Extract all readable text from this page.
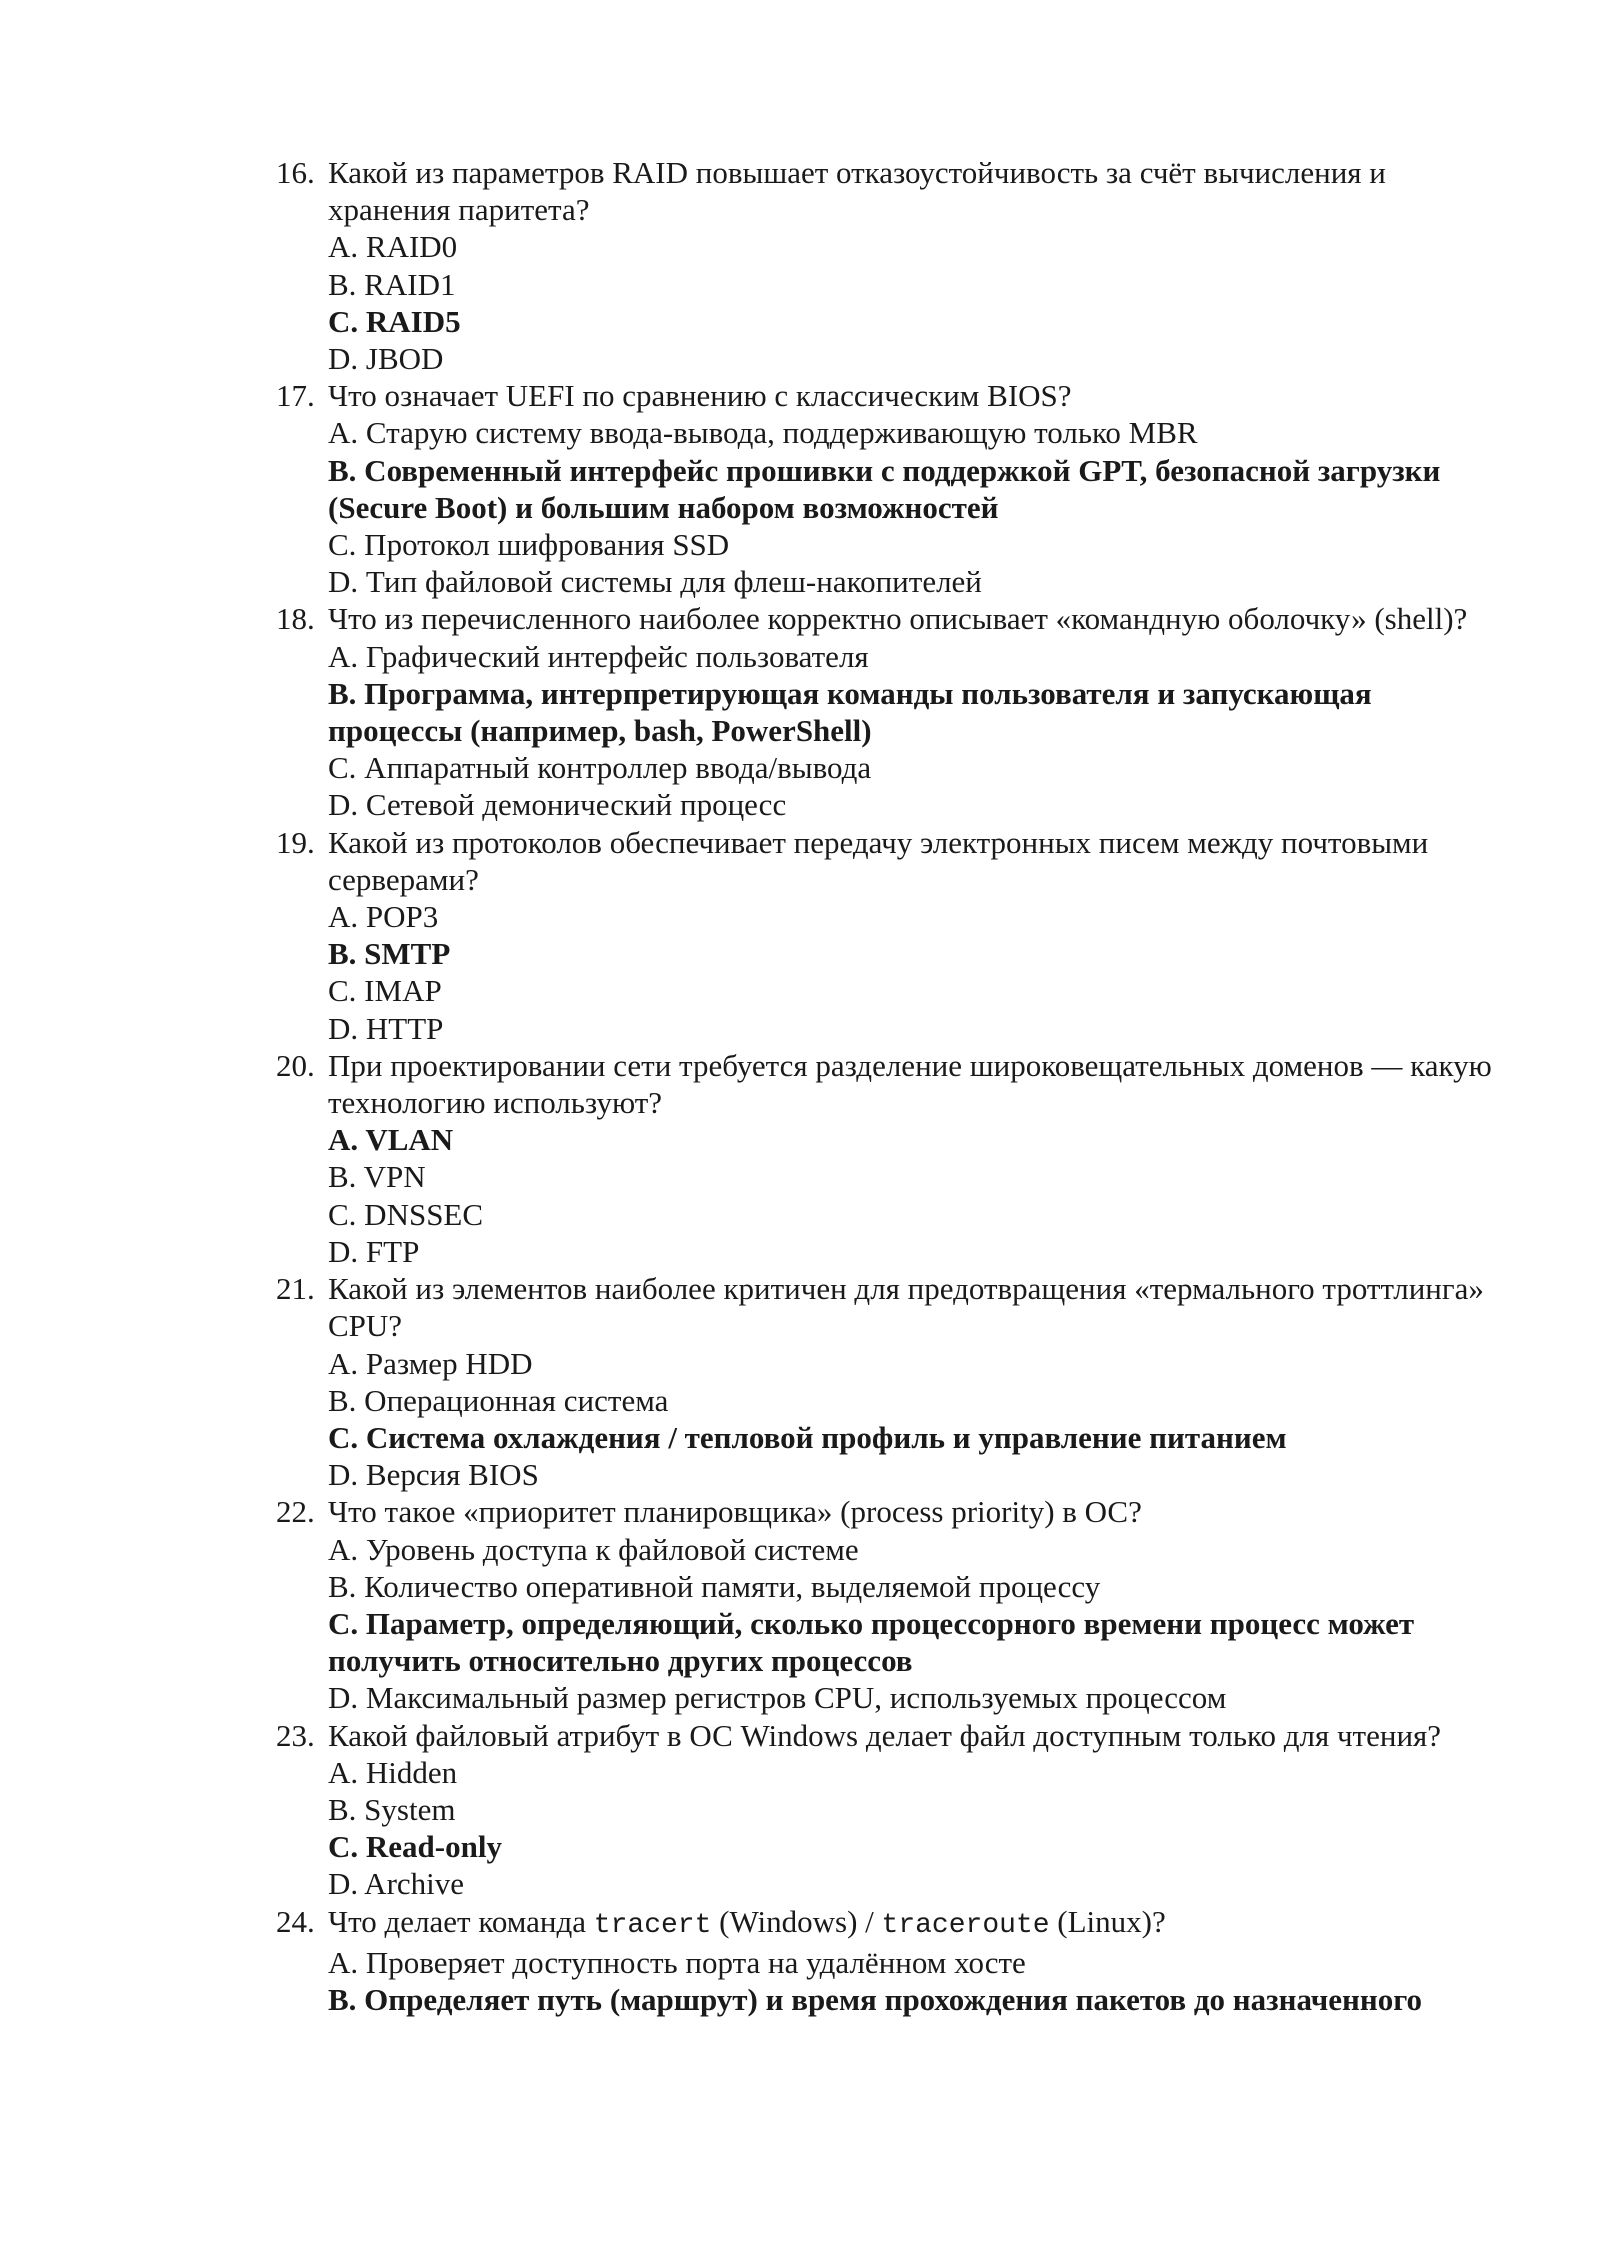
16. Какой из параметров RAID повышает отказоустойчивость за счёт вычисления и хранения паритета?
A. RAID0
B. RAID1
C. RAID5
D. JBOD
17. Что означает UEFI по сравнению с классическим BIOS?
A. Старую систему ввода-вывода, поддерживающую только MBR
B. Современный интерфейс прошивки с поддержкой GPT, безопасной загрузки (Secure Boot) и большим набором возможностей
C. Протокол шифрования SSD
D. Тип файловой системы для флеш-накопителей
18. Что из перечисленного наиболее корректно описывает «командную оболочку» (shell)?
A. Графический интерфейс пользователя
B. Программа, интерпретирующая команды пользователя и запускающая процессы (например, bash, PowerShell)
C. Аппаратный контроллер ввода/вывода
D. Сетевой демонический процесс
19. Какой из протоколов обеспечивает передачу электронных писем между почтовыми серверами?
A. POP3
B. SMTP
C. IMAP
D. HTTP
20. При проектировании сети требуется разделение широковещательных доменов — какую технологию используют?
A. VLAN
B. VPN
C. DNSSEC
D. FTP
21. Какой из элементов наиболее критичен для предотвращения «термального троттлинга» CPU?
A. Размер HDD
B. Операционная система
C. Система охлаждения / тепловой профиль и управление питанием
D. Версия BIOS
22. Что такое «приоритет планировщика» (process priority) в ОС?
A. Уровень доступа к файловой системе
B. Количество оперативной памяти, выделяемой процессу
C. Параметр, определяющий, сколько процессорного времени процесс может получить относительно других процессов
D. Максимальный размер регистров CPU, используемых процессом
23. Какой файловый атрибут в ОС Windows делает файл доступным только для чтения?
A. Hidden
B. System
C. Read-only
D. Archive
24. Что делает команда tracert (Windows) / traceroute (Linux)?
A. Проверяет доступность порта на удалённом хосте
B. Определяет путь (маршрут) и время прохождения пакетов до назначенного
